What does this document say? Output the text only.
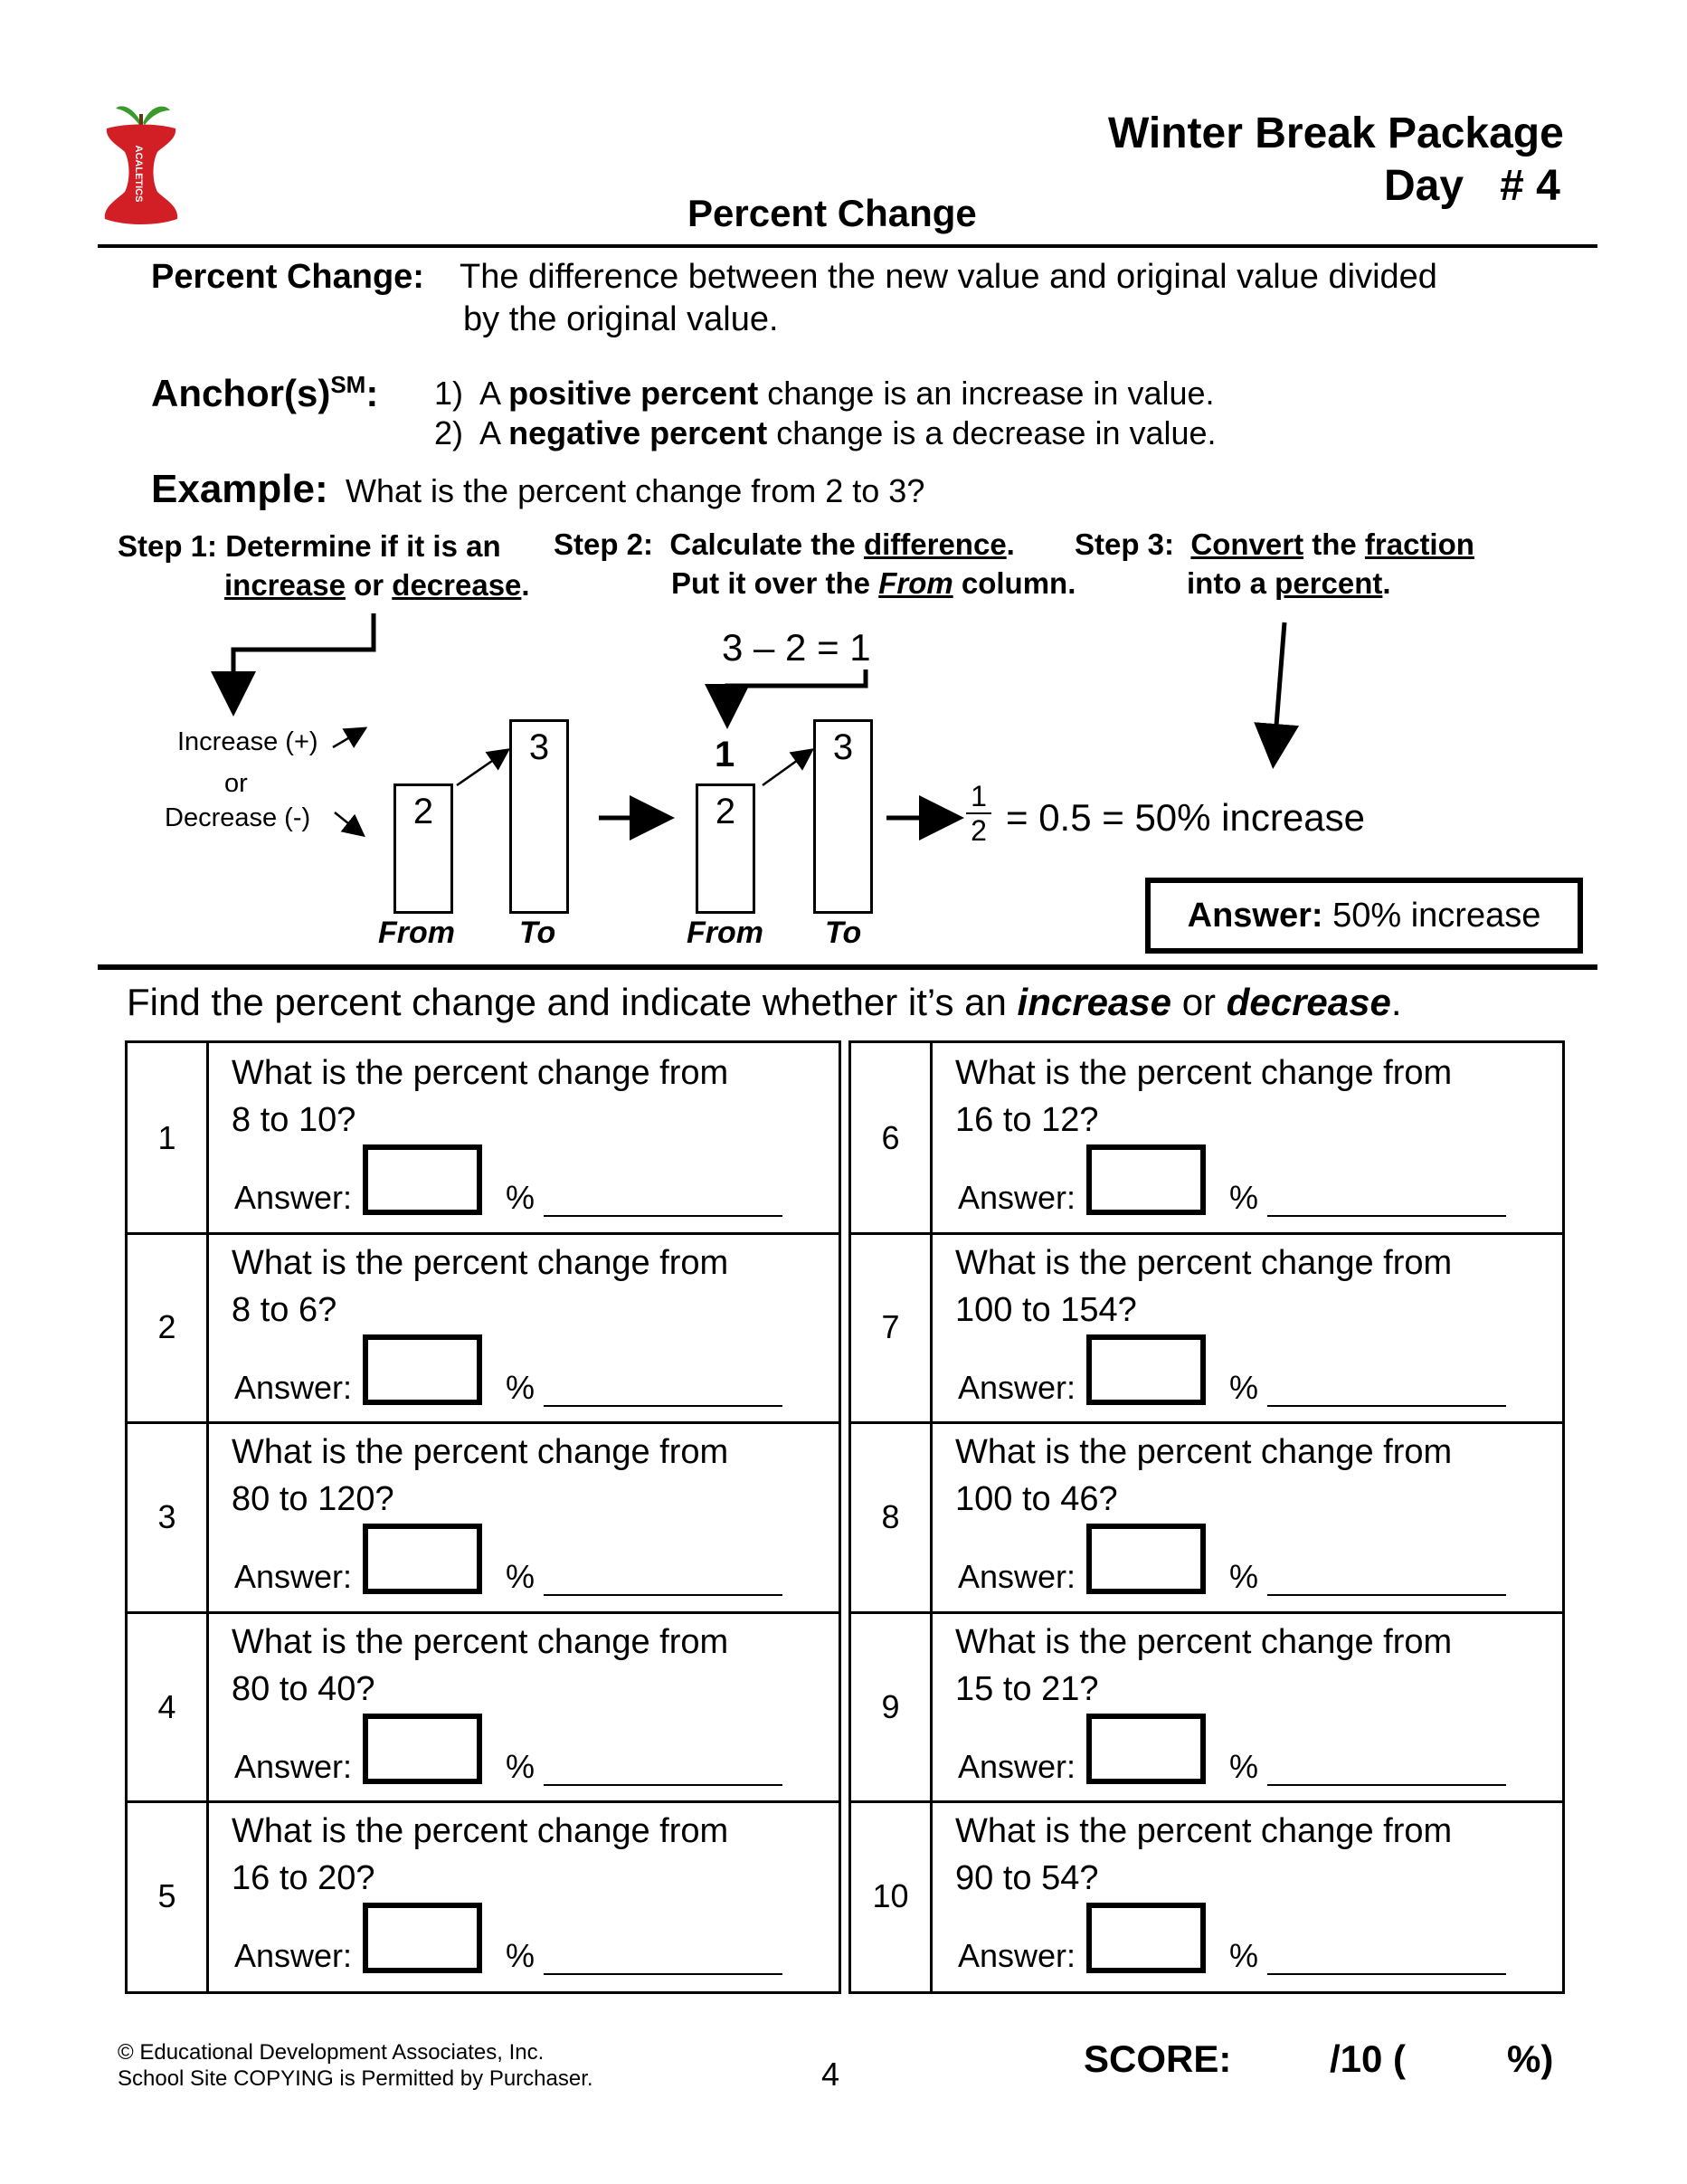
ACALETICS
Winter Break Package
Day # 4
Percent Change
Percent Change: The difference between the new value and original value divided
by the original value.
Anchor(s)℠: 1) A positive percent change is an increase in value.
2) A negative percent change is a decrease in value.
Example: What is the percent change from 2 to 3?
Step 1: Determine if it is an
increase or decrease.
Step 2: Calculate the difference.
Put it over the From column.
Step 3: Convert the fraction
into a percent.
Increase (+)
or
Decrease (-)	2
3
From To
3 – 2 = 1
1
2
3
From To
1
2 = 0.5 = 50% increase
Answer:
50% increase
Find the percent change and indicate whether it’s an increase or decrease.
1
What is the percent change from
8 to 10?
Answer:	%
2
What is the percent change from
8 to 6?
Answer:	%
3
What is the percent change from
80 to 120?
Answer:	%
4
What is the percent change from
80 to 40?
Answer:	%
5
What is the percent change from
16 to 20?
Answer:	%
6
What is the percent change from
16 to 12?
Answer:	%
7
What is the percent change from
100 to 154?
Answer:	%
8
What is the percent change from
100 to 46?
Answer:	%
9
What is the percent change from
15 to 21?
Answer:	%
10
What is the percent change from
90 to 54?
Answer:	%
© Educational Development Associates, Inc.
School Site COPYING is Permitted by Purchaser.	4	SCORE:	/10 (	%)
